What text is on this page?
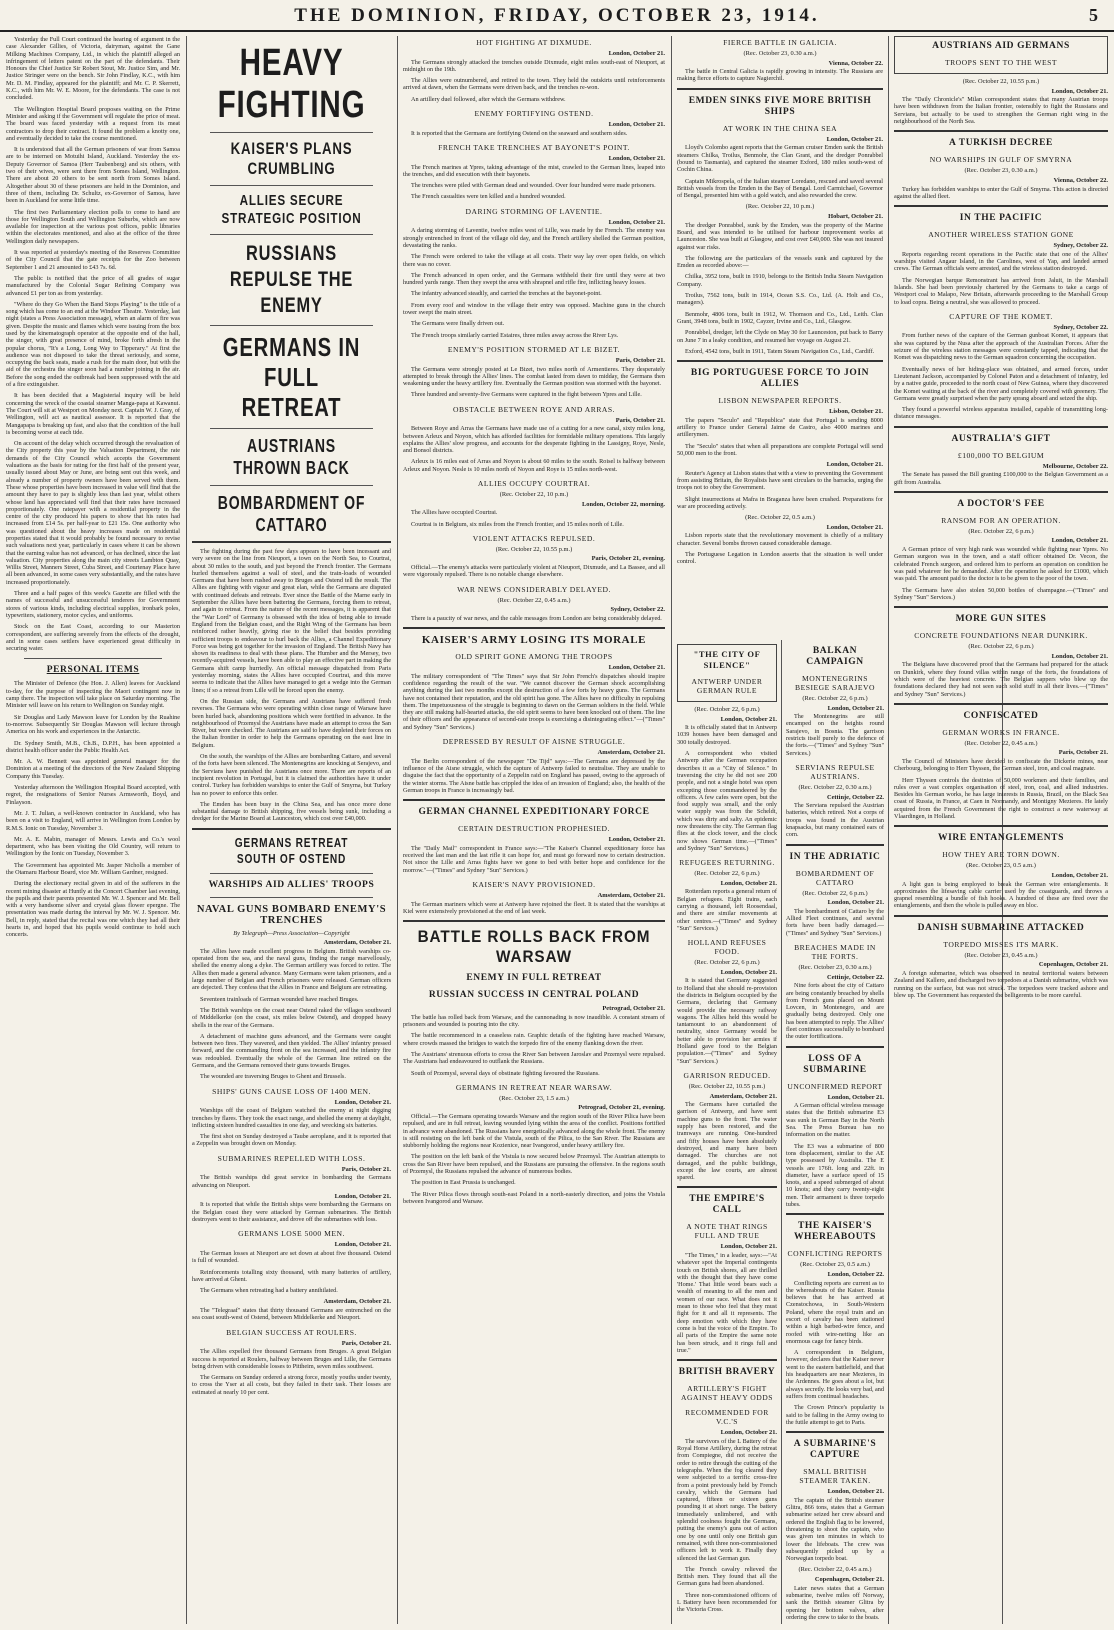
THE DOMINION, FRIDAY, OCTOBER 23, 1914.	5

Yesterday the Full Court continued the hearing of argument in the case Alexander Gillies, of Victoria, dairyman, against the Gane Milking Machines Company, Ltd., in which the plaintiff alleged an infringement of letters patent on the part of the defendants. Their Honours the Chief Justice Sir Robert Stout, Mr. Justice Sim, and Mr. Justice Stringer were on the bench. Sir John Findlay, K.C., with him Mr. D. M. Findlay, appeared for the plaintiff; and Mr. C. P. Skerrett, K.C., with him Mr. W. E. Moore, for the defendants. The case is not concluded.

The Wellington Hospital Board proposes waiting on the Prime Minister and asking if the Government will regulate the price of meat. The board was faced yesterday with a request from its meat contractors to drop their contract. It found the problem a knotty one, and eventually decided to take the course mentioned.

It is understood that all the German prisoners of war from Samoa are to be interned on Motuihi Island, Auckland. Yesterday the ex-Deputy Governor of Samoa (Herr Taubenberg) and six others, with two of their wives, were sent there from Somes Island, Wellington. There are about 20 others to be sent north from Somes Island. Altogether about 30 of these prisoners are held in the Dominion, and three of them, including Dr. Schultz, ex-Governor of Samoa, have been in Auckland for some little time.

The first two Parliamentary election polls to come to hand are those for Wellington South and Wellington Suburbs, which are now available for inspection at the various post offices, public libraries within the electorates mentioned, and also at the office of the three Wellington daily newspapers.

It was reported at yesterday's meeting of the Reserves Committee of the City Council that the gate receipts for the Zoo between September 1 and 21 amounted to £43 7s. 6d.

The public is notified that the price of all grades of sugar manufactured by the Colonial Sugar Refining Company was advanced £1 per ton as from yesterday.

"Where do they Go When the Band Stops Playing" is the title of a song which has come to an end at the Windsor Theatre. Yesterday, last night (states a Press Association message), when an alarm of fire was given. Despite the music and flames which were issuing from the box used by the kinematograph operator at the opposite end of the hall, the singer, with great presence of mind, broke forth afresh in the popular chorus, "It's a Long, Long Way to Tipperary." At first the audience was not disposed to take the threat seriously, and some, occupying the back seats, made a rush for the main door, but with the aid of the orchestra the singer soon had a number joining in the air. Before the song ended the outbreak had been suppressed with the aid of a fire extinguisher.

It has been decided that a Magisterial inquiry will be held concerning the wreck of the coastal steamer Manga-papa at Kawanui. The Court will sit at Westport on Monday next. Captain W. J. Gray, of Wellington, will act as nautical assessor. It is reported that the Mangapapa is breaking up fast, and also that the condition of the hull is becoming worse at each tide.

On account of the delay which occurred through the revaluation of the City property this year by the Valuation Department, the rate demands of the City Council which accepts the Government valuations as the basis for rating for the first half of the present year, usually issued about May or June, are being sent out this week, and already a number of property owners have been served with them. These whose properties have been increased in value will find that the amount they have to pay is slightly less than last year, whilst others whose land has appreciated will find that their rates have increased proportionately. One ratepayer with a residential property in the centre of the city produced his papers to show that his rates had increased from £14 5s. per half-year to £21 15s. One authority who was questioned about the heavy increases made on residential properties stated that it would probably be found necessary to revise such valuations next year, particularly in cases where it can be shown that the earning value has not advanced, or has declined, since the last valuation. City properties along the main city streets Lambton Quay, Willis Street, Manners Street, Cuba Street, and Courtenay Place have all been advanced, in some cases very substantially, and the rates have increased proportionately.

Three and a half pages of this week's Gazette are filled with the names of successful and unsuccessful tenderers for Government stores of various kinds, including electrical supplies, ironbark poles, typewriters, stationery, motor cycles, and uniforms.

Stock on the East Coast, according to our Masterton correspondent, are suffering severely from the effects of the drought, and in some cases settlers have experienced great difficulty in securing water.

PERSONAL ITEMS

The Minister of Defence (the Hon. J. Allen) leaves for Auckland to-day, for the purpose of inspecting the Maori contingent now in camp there. The inspection will take place on Saturday morning. The Minister will leave on his return to Wellington on Sunday night.

Sir Douglas and Lady Mawson leave for London by the Ruahine to-morrow. Subsequently Sir Douglas Mawson will lecture through America on his work and experiences in the Antarctic.

Dr. Sydney Smith, M.B., Ch.B., D.P.H., has been appointed a district health officer under the Public Health Act.

Mr. A. W. Bennett was appointed general manager for the Dominion at a meeting of the directors of the New Zealand Shipping Company this Tuesday.

Yesterday afternoon the Wellington Hospital Board accepted, with regret, the resignations of Senior Nurses Armsworth, Boyd, and Finlayson.

Mr. J. T. Julian, a well-known contractor in Auckland, who has been on a visit to England, will arrive in Wellington from London by R.M.S. Ionic on Tuesday, November 3.

Mr. A. E. Mabin, manager of Messrs. Lewis and Co.'s wool department, who has been visiting the Old Country, will return to Wellington by the Ionic on Tuesday, November 3.

The Government has appointed Mr. Jasper Nicholls a member of the Otamaru Harbour Board, vice Mr. William Gardner, resigned.

During the electionary recital given in aid of the sufferers in the recent mining disaster at Huntly at the Concert Chamber last evening, the pupils and their parents presented Mr. W. J. Spencer and Mr. Bell with a very handsome silver and crystal glass flower epergne. The presentation was made during the interval by Mr. W. J. Spencer. Mr. Bell, in reply, stated that the recital was one which they had all their hearts in, and hoped that his pupils would continue to hold such concerts.

HEAVY FIGHTING
KAISER'S PLANS CRUMBLING
ALLIES SECURE STRATEGIC POSITION
RUSSIANS REPULSE THE ENEMY
GERMANS IN FULL RETREAT
AUSTRIANS THROWN BACK
BOMBARDMENT OF CATTARO

The fighting during the past few days appears to have been incessant and very severe on the line from Nieuport, a town on the North Sea, to Courtrai, about 30 miles to the south, and just beyond the French frontier. The Germans hurled themselves against a wall of steel, and the train-loads of wounded Germans that have been rushed away to Bruges and Ostend tell the result. The Allies are fighting with vigour and great elan, while the Germans are disputed with continued defeats and retreats. Ever since the Battle of the Marne early in September the Allies have been battering the Germans, forcing them to retreat, and again to retreat. From the nature of the recent messages, it is apparent that the "War Lord" of Germany is obsessed with the idea of being able to invade England from the Belgian coast, and the Right Wing of the Germans has been reinforced rather heavily, giving rise to the belief that besides providing sufficient troops to endeavour to hurl back the Allies, a Channel Expeditionary Force was being got together for the invasion of England. The British Navy has shown its readiness to deal with these plans. The Humber and the Mersey, two recently-acquired vessels, have been able to play an effective part in making the Germans shift camp hurriedly. An official message dispatched from Paris yesterday morning, states the Allies have occupied Courtrai, and this move seems to indicate that the Allies have managed to get a wedge into the German lines; if so a retreat from Lille will be forced upon the enemy.

On the Russian side, the Germans and Austrians have suffered fresh reverses. The Germans who were operating within close range of Warsaw have been hurled back, abandoning positions which were fortified in advance. In the neighbourhood of Przemysl the Austrians have made an attempt to cross the San River, but were checked. The Austrians are said to have depleted their forces on the Italian frontier in order to help the Germans operating on the east line in Belgium.

On the south, the warships of the Allies are bombarding Cattaro, and several of the forts have been silenced. The Montenegrins are knocking at Serajevo, and the Servians have punished the Austrians once more. There are reports of an incipient revolution in Portugal, but it is claimed the authorities have it under control. Turkey has forbidden warships to enter the Gulf of Smyrna, but Turkey has no power to enforce this order.

The Emden has been busy in the China Sea, and has once more done substantial damage to British shipping, five vessels being sunk, including a dredger for the Marine Board at Launceston, which cost over £40,000.

GERMANS RETREAT SOUTH OF OSTEND
WARSHIPS AID ALLIES' TROOPS
NAVAL GUNS BOMBARD ENEMY'S TRENCHES
By Telegraph—Press Association—Copyright
Amsterdam, October 21.

The Allies have made excellent progress in Belgium. British warships co-operated from the sea, and the naval guns, finding the range marvellously, shelled the enemy along a dyke. The German artillery was forced to retire. The Allies then made a general advance. Many Germans were taken prisoners, and a large number of Belgian and French prisoners were released. German officers are dejected. They confess that the Allies in France and Belgium are retreating.

Seventeen trainloads of German wounded have reached Bruges.

The British warships on the coast near Ostend raked the villages southward of Middelkerke (on the coast, six miles below Ostend), and dropped heavy shells in the rear of the Germans.

A detachment of machine guns advanced, and the Germans were caught between two fires. They wavered, and then yielded. The Allies' infantry pressed forward, and the commanding front on the sea increased, and the infantry fire was redoubled. Eventually the whole of the German line retired on the Germans, and the Germans removed their guns towards Bruges.

The wounded are traversing Bruges to Ghent and Brussels.

SHIPS' GUNS CAUSE LOSS OF 1400 MEN.
London, October 21.

Warships off the coast of Belgium watched the enemy at night digging trenches by flares. They took the exact range, and shelled the enemy at daylight, inflicting sixteen hundred casualties in one day, and wrecking six batteries.

The first shot on Sunday destroyed a Taube aeroplane, and it is reported that a Zeppelin was brought down on Monday.

SUBMARINES REPELLED WITH LOSS.
Paris, October 21.

The British warships did great service in bombarding the Germans advancing on Nieuport.

London, October 21.

It is reported that while the British ships were bombarding the Germans on the Belgian coast they were attacked by German submarines. The British destroyers went to their assistance, and drove off the submarines with loss.

GERMANS LOSE 5000 MEN.
London, October 21.

The German losses at Nieuport are set down at about five thousand. Ostend is full of wounded.

Reinforcements totalling sixty thousand, with many batteries of artillery, have arrived at Ghent.

The Germans when retreating had a battery annihilated.

Amsterdam, October 21.

The "Telegraaf" states that thirty thousand Germans are entrenched on the sea coast south-west of Ostend, between Middelkerke and Nieuport.

BELGIAN SUCCESS AT ROULERS.
Paris, October 21.

The Allies expelled five thousand Germans from Bruges. A great Belgian success is reported at Roulers, halfway between Bruges and Lille, the Germans being driven with considerable losses to Pittheim, seven miles southwest.

The Germans on Sunday ordered a strong force, mostly youths under twenty, to cross the Yser at all costs, but they failed in their task. Their losses are estimated at nearly 10 per cent.

HOT FIGHTING AT DIXMUDE.
London, October 21.

The Germans strongly attacked the trenches outside Dixmude, eight miles south-east of Nieuport, at midnight on the 19th.

The Allies were outnumbered, and retired to the town. They held the outskirts until reinforcements arrived at dawn, when the Germans were driven back, and the trenches re-won.

An artillery duel followed, after which the Germans withdrew.

ENEMY FORTIFYING OSTEND.
London, October 21.

It is reported that the Germans are fortifying Ostend on the seaward and southern sides.

FRENCH TAKE TRENCHES AT BAYONET'S POINT.
London, October 21.

The French marines at Ypres, taking advantage of the mist, crawled to the German lines, leaped into the trenches, and did execution with their bayonets.

The trenches were piled with German dead and wounded. Over four hundred were made prisoners.

The French casualties were ten killed and a hundred wounded.

DARING STORMING OF LAVENTIE.
London, October 21.

A daring storming of Laventie, twelve miles west of Lille, was made by the French. The enemy was strongly entrenched in front of the village old day, and the French artillery shelled the German position, devastating the ranks.

The French were ordered to take the village at all costs. Their way lay over open fields, on which there was no cover.

The French advanced in open order, and the Germans withheld their fire until they were at two hundred yards range. Then they swept the area with shrapnel and rifle fire, inflicting heavy losses.

The infantry advanced steadily, and carried the trenches at the bayonet-point.

From every roof and window in the village their entry was opposed. Machine guns in the church tower swept the main street.

The Germans were finally driven out.

The French troops similarly carried Estaires, three miles away across the River Lys.

ENEMY'S POSITION STORMED AT LE BIZET.
Paris, October 21.

The Germans were strongly posted at Le Bizet, two miles north of Armentieres. They desperately attempted to break through the Allies' lines. The combat lasted from dawn to midday, the Germans then weakening under the heavy artillery fire. Eventually the German position was stormed with the bayonet.

Three hundred and seventy-five Germans were captured in the fight between Ypres and Lille.

OBSTACLE BETWEEN ROYE AND ARRAS.
Paris, October 21.

Between Roye and Arras the Germans have made use of a cutting for a new canal, sixty miles long, between Arleux and Noyon, which has afforded facilities for formidable military operations. This largely explains the Allies' slow progress, and accounts for the desperate fighting in the Lassigny, Roye, Nesle, and Bonsol districts.

Arleux is 16 miles east of Arras and Noyon is about 60 miles to the south. Roisel is halfway between Arleux and Noyon. Nesle is 10 miles north of Noyon and Roye is 15 miles north-west.

ALLIES OCCUPY COURTRAI.
(Rec. October 22, 10 p.m.)
London, October 22, morning.

The Allies have occupied Courtrai.

Courtrai is in Belgium, six miles from the French frontier, and 15 miles north of Lille.

VIOLENT ATTACKS REPULSED.
(Rec. October 22, 10.55 p.m.)
Paris, October 21, evening.

Official.—The enemy's attacks were particularly violent at Nieuport, Dixmude, and La Bassee, and all were vigorously repulsed. There is no notable change elsewhere.

WAR NEWS CONSIDERABLY DELAYED.
(Rec. October 22, 0.45 a.m.)
Sydney, October 22.

There is a paucity of war news, and the cable messages from London are being considerably delayed.

KAISER'S ARMY LOSING ITS MORALE
OLD SPIRIT GONE AMONG THE TROOPS
London, October 21.

The military correspondent of "The Times" says that Sir John French's dispatches should inspire confidence regarding the result of the war. "We cannot discover the German shock accomplishing anything during the last two months except the destruction of a few forts by heavy guns. The Germans have not contained their reputation, and the old spirit has gone. The Allies have no difficulty in repulsing them. The impetuousness of the struggle is beginning to dawn on the German soldiers in the field. While they are still making half-hearted attacks, the old spirit seems to have been knocked out of them. The line of their officers and the appearance of second-rate troops is exercising a disintegrating effect."—("Times" and Sydney "Sun" Services.)

DEPRESSED BY RESULT OF AISNE STRUGGLE.
Amsterdam, October 21.

The Berlin correspondent of the newspaper "De Tijd" says:—The Germans are depressed by the influence of the Aisne struggle, which the capture of Antwerp failed to neutralise. They are unable to disguise the fact that the opportunity of a Zeppelin raid on England has passed, owing to the approach of the winter storms. The Aisne battle has crippled the idea of an invasion of England; also, the health of the German troops in France is increasingly bad.

GERMAN CHANNEL EXPEDITIONARY FORCE
CERTAIN DESTRUCTION PROPHESIED.
London, October 21.

The "Daily Mail" correspondent in France says:—"The Kaiser's Channel expeditionary force has received the last man and the last rifle it can hope for, and must go forward now to certain destruction. Not since the Lille and Arras fights have we gone to bed with better hope and confidence for the morrow."—("Times" and Sydney "Sun" Services.)

KAISER'S NAVY PROVISIONED.
Amsterdam, October 21.

The German mariners which were at Antwerp have rejoined the fleet. It is stated that the warships at Kiel were extensively provisioned at the end of last week.

BATTLE ROLLS BACK FROM WARSAW
ENEMY IN FULL RETREAT
RUSSIAN SUCCESS IN CENTRAL POLAND
Petrograd, October 21.

The battle has rolled back from Warsaw, and the cannonading is now inaudible. A constant stream of prisoners and wounded is pouring into the city.

The battle recommenced in a ceaseless rain. Graphic details of the fighting have reached Warsaw, where crowds massed the bridges to watch the torpedo fire of the enemy flanking down the river.

The Austrians' strenuous efforts to cross the River San between Jaroslav and Przemysl were repulsed. The Austrians had endeavoured to outflank the Russians.

South of Przemysl, several days of obstinate fighting favoured the Russians.

GERMANS IN RETREAT NEAR WARSAW.
(Rec. October 23, 1.5 a.m.)
Petrograd, October 21, evening.

Official.—The Germans operating towards Warsaw and the region south of the River Pilica have been repulsed, and are in full retreat, leaving wounded lying within the area of the conflict. Positions fortified in advance were abandoned. The Russians have energetically advanced along the whole front. The enemy is still resisting on the left bank of the Vistula, south of the Pilica, to the San River. The Russians are stubbornly holding the regions near Kozienice, near Ivangorod, under heavy artillery fire.

The position on the left bank of the Vistula is now secured below Przemysl. The Austrian attempts to cross the San River have been repulsed, and the Russians are pursuing the offensive. In the regions south of Przemysl, the Russians repulsed the advance of numerous bodies.

The position in East Prussia is unchanged.

The River Pilica flows through south-east Poland in a north-easterly direction, and joins the Vistula between Ivangorod and Warsaw.

FIERCE BATTLE IN GALICIA.
(Rec. October 23, 0.30 a.m.)
Vienna, October 22.

The battle in Central Galicia is rapidly growing in intensity. The Russians are making fierce efforts to capture Nagierchil.

EMDEN SINKS FIVE MORE BRITISH SHIPS
AT WORK IN THE CHINA SEA
London, October 21.

Lloyd's Colombo agent reports that the German cruiser Emden sank the British steamers Chilka, Troilus, Benmohr, the Clan Grant, and the dredger Ponrabbel (bound to Tasmania), and captured the steamer Exford, 180 miles south-west of Cochin China.

Captain Mikrospela, of the Italian steamer Loredano, rescued and saved several British vessels from the Emden in the Bay of Bengal. Lord Carmichael, Governor of Bengal, presented him with a gold watch, and also rewarded the crew.

(Rec. October 22, 10 p.m.)
Hobart, October 21.

The dredger Ponrabbel, sunk by the Emden, was the property of the Marine Board, and was intended to be utilised for harbour improvement works at Launceston. She was built at Glasgow, and cost over £40,000. She was not insured against war risks.

The following are the particulars of the vessels sunk and captured by the Emden as recorded above:—

Chilka, 3952 tons, built in 1910, belongs to the British India Steam Navigation Company.

Troilus, 7562 tons, built in 1914, Ocean S.S. Co., Ltd. (A. Holt and Co., managers).

Benmohr, 4806 tons, built in 1912, W. Thomson and Co., Ltd., Leith. Clan Grant, 3948 tons, built in 1902, Cayzer, Irvine and Co., Ltd., Glasgow.

Ponrabbel, dredger, left the Clyde on May 30 for Launceston, put back to Barry on June 7 in a leaky condition, and resumed her voyage on August 21.

Exford, 4542 tons, built in 1911, Tatem Steam Navigation Co., Ltd., Cardiff.

BIG PORTUGUESE FORCE TO JOIN ALLIES
LISBON NEWSPAPER REPORTS.
Lisbon, October 21.

The papers "Seculo" and "Republica" state that Portugal is sending 8000 artillery to France under General Jaime de Castro, also 4000 marines and artillerymen.

The "Seculo" states that when all preparations are complete Portugal will send 50,000 men to the front.

London, October 21.

Reuter's Agency at Lisbon states that with a view to preventing the Government from assisting Britain, the Royalists have sent circulars to the barracks, urging the troops not to obey the Government.

Slight insurrections at Mafra in Braganza have been crushed. Preparations for war are proceeding actively.

(Rec. October 22, 0.5 a.m.)
London, October 21.

Lisbon reports state that the revolutionary movement is chiefly of a military character. Several bombs thrown caused considerable damage.

The Portuguese Legation in London asserts that the situation is well under control.

"THE CITY OF SILENCE"
ANTWERP UNDER GERMAN RULE
(Rec. October 22, 6 p.m.)
London, October 21.

It is officially stated that in Antwerp 1039 houses have been damaged and 300 totally destroyed.

A correspondent who visited Antwerp after the German occupation describes it as a "City of Silence." In traversing the city he did not see 200 people, and not a single hotel was open excepting those commandeered by the officers. A few cafes were open, but the food supply was small, and the only water supply was from the Scheldt, which was dirty and salty. An epidemic now threatens the city. The German flag flies at the clock tower, and the clock now shows German time.—("Times" and Sydney "Sun" Services.)

REFUGEES RETURNING.
(Rec. October 22, 6 p.m.)
London, October 21.

Rotterdam reports a general return of Belgian refugees. Eight trains, each carrying a thousand, left Roosendaal, and there are similar movements at other centres.—("Times" and Sydney "Sun" Services.)

HOLLAND REFUSES FOOD.
(Rec. October 22, 6 p.m.)
London, October 21.

It is stated that Germany suggested to Holland that she should re-provision the districts in Belgium occupied by the Germans, declaring that Germany would provide the necessary railway wagons. The Allies held this would be tantamount to an abandonment of neutrality, since Germany would be better able to provision her armies if Holland gave food to the Belgian population.—("Times" and Sydney "Sun" Services.)

GARRISON REDUCED.
(Rec. October 22, 10.55 p.m.)
Amsterdam, October 21.

The Germans have curtailed the garrison of Antwerp, and have sent machine guns to the front. The water supply has been restored, and the tramways are running. One-hundred and fifty houses have been absolutely destroyed, and many have been damaged. The churches are not damaged, and the public buildings, except the law courts, are almost spared.

THE EMPIRE'S CALL
A NOTE THAT RINGS FULL AND TRUE
London, October 21.

"The Times," in a leader, says:—"At whatever spot the Imperial contingents touch on British shores, all are thrilled with the thought that they have come 'Home.' That little word bears such a wealth of meaning to all the men and women of our race. What does not it mean to those who feel that they must fight for it and all it represents. The deep emotion with which they have come is but the voice of the Empire. To all parts of the Empire the same note has been struck, and it rings full and true."

BRITISH BRAVERY
ARTILLERY'S FIGHT AGAINST HEAVY ODDS
RECOMMENDED FOR V.C.'S
London, October 21.

The survivors of the L Battery of the Royal Horse Artillery, during the retreat from Compiegne, did not receive the order to retire through the cutting of the telegraphs. When the fog cleared they were subjected to a terrific cross-fire from a point previously held by French cavalry, which the Germans had captured, fifteen or sixteen guns pounding it at short range. The battery immediately unlimbered, and with splendid coolness fought the Germans, putting the enemy's guns out of action one by one until only one British gun remained, with three non-commissioned officers left to work it. Finally they silenced the last German gun.

The French cavalry relieved the British men. They found that all the German guns had been abandoned.

Three non-commissioned officers of L Battery have been recommended for the Victoria Cross.

BALKAN CAMPAIGN
MONTENEGRINS BESIEGE SARAJEVO
(Rec. October 22, 6 p.m.)
London, October 21.

The Montenegrins are still encamped on the heights round Sarajevo, in Bosnia. The garrison restricts itself purely to the defence of the forts.—("Times" and Sydney "Sun" Services.)

SERVIANS REPULSE AUSTRIANS.
(Rec. October 22, 0.30 a.m.)
Cettinje, October 22.

The Servians repulsed the Austrian batteries, which retired. Not a corps of troops was found in the Austrian knapsacks, but many contained ears of corn.

IN THE ADRIATIC
BOMBARDMENT OF CATTARO
(Rec. October 22, 6 p.m.)
London, October 21.

The bombardment of Cattaro by the Allied Fleet continues, and several forts have been badly damaged.—("Times" and Sydney "Sun" Services.)

BREACHES MADE IN THE FORTS.
(Rec. October 23, 0.30 a.m.)
Cettinje, October 22.

Nine forts about the city of Cattaro are being constantly breached by shells from French guns placed on Mount Lovcen, in Montenegro, and are gradually being destroyed. Only one has been attempted to reply. The Allies' fleet continues successfully to bombard the outer fortifications.

LOSS OF A SUBMARINE
UNCONFIRMED REPORT
London, October 21.

A German official wireless message states that the British submarine E3 was sunk in German Bay in the North Sea. The Press Bureau has no information on the matter.

The E3 was a submarine of 800 tons displacement, similar to the AE type possessed by Australia. The E vessels are 176ft. long and 22ft. in diameter, have a surface speed of 15 knots, and a speed submerged of about 10 knots; and they carry twenty-eight men. Their armament is three torpedo tubes.

THE KAISER'S WHEREABOUTS
CONFLICTING REPORTS
(Rec. October 23, 0.5 a.m.)
London, October 22.

Conflicting reports are current as to the whereabouts of the Kaiser. Russia believes that he has arrived at Czenstochowa, in South-Western Poland, where the royal train and an escort of cavalry has been stationed within a high barbed-wire fence, and roofed with wire-netting like an enormous cage for fancy birds.

A correspondent in Belgium, however, declares that the Kaiser never went to the eastern battlefield, and that his headquarters are near Mezieres, in the Ardennes. He goes about a lot, but always secretly. He looks very bad, and suffers from continual headaches.

The Crown Prince's popularity is said to be falling in the Army owing to the futile attempt to get to Paris.

A SUBMARINE'S CAPTURE
SMALL BRITISH STEAMER TAKEN.
London, October 21.

The captain of the British steamer Glitra, 866 tons, states that a German submarine seized her crew aboard and ordered the English flag to be lowered, threatening to shoot the captain, who was given ten minutes in which to lower the lifeboats. The crew was subsequently picked up by a Norwegian torpedo boat.

(Rec. October 22, 0.45 a.m.)
Copenhagen, October 21.

Later news states that a German submarine, twelve miles off Norway, sank the British steamer Glitra by opening her bottom valves, after ordering the crew to take to the boats.

AUSTRIANS AID GERMANS
TROOPS SENT TO THE WEST
(Rec. October 22, 10.55 p.m.)
London, October 21.

The "Daily Chronicle's" Milan correspondent states that many Austrian troops have been withdrawn from the Italian frontier, ostensibly to fight the Russians and Servians, but actually to be used to strengthen the German right wing in the neighbourhood of the North Sea.

A TURKISH DECREE
NO WARSHIPS IN GULF OF SMYRNA
(Rec. October 23, 0.30 a.m.)
Vienna, October 22.

Turkey has forbidden warships to enter the Gulf of Smyrna. This action is directed against the allied fleet.

IN THE PACIFIC
ANOTHER WIRELESS STATION GONE
Sydney, October 22.

Reports regarding recent operations in the Pacific state that one of the Allies' warships visited Angaur Island, in the Carolines, west of Yap, and landed armed crews. The German officials were arrested, and the wireless station destroyed.

The Norwegian barque Remonstrant has arrived from Jaluit, in the Marshall Islands. She had been previously chartered by the Germans to take a cargo of Westport coal to Malapo, New Britain, afterwards proceeding to the Marshall Group to load copra. Being a neutral, she was allowed to proceed.

CAPTURE OF THE KOMET.
Sydney, October 22.

From further news of the capture of the German gunboat Komet, it appears that she was captured by the Nusa after the approach of the Australian Forces. After the seizure of the wireless station messages were constantly tapped, indicating that the Komet was dispatching news to the German squadron concerning the occupation.

Eventually news of her hiding-place was obtained, and armed forces, under Lieutenant Jackson, accompanied by Colonel Paton and a detachment of infantry, led by a native guide, proceeded to the north coast of New Guinea, where they discovered the Komet waiting at the back of the river and completely covered with greenery. The Germans were greatly surprised when the party sprang aboard and seized the ship.

They found a powerful wireless apparatus installed, capable of transmitting long-distance messages.

AUSTRALIA'S GIFT
£100,000 TO BELGIUM
Melbourne, October 22.

The Senate has passed the Bill granting £100,000 to the Belgian Government as a gift from Australia.

A DOCTOR'S FEE
RANSOM FOR AN OPERATION.
(Rec. October 22, 6 p.m.)
London, October 21.

A German prince of very high rank was wounded while fighting near Ypres. No German surgeon was in the town, and a staff officer obtained Dr. Vecon, the celebrated French surgeon, and ordered him to perform an operation on condition he was paid whatever fee he demanded. After the operation he asked for £1000, which was paid. The amount paid to the doctor is to be given to the poor of the town.

The Germans have also stolen 50,000 bottles of champagne.—("Times" and Sydney "Sun" Services.)

MORE GUN SITES
CONCRETE FOUNDATIONS NEAR DUNKIRK.
(Rec. October 22, 6 p.m.)
London, October 21.

The Belgians have discovered proof that the Germans had prepared for the attack on Dunkirk, where they found villas within range of the forts, the foundations of which were of the heaviest concrete. The Belgian sappers who blew up the foundations declared they had not seen such solid stuff in all their lives.—("Times" and Sydney "Sun" Services.)

CONFISCATED
GERMAN WORKS IN FRANCE.
(Rec. October 22, 0.45 a.m.)
Paris, October 21.

The Council of Ministers have decided to confiscate the Dickerie mines, near Cherbourg, belonging to Herr Thyssen, the German steel, iron, and coal magnate.

Herr Thyssen controls the destinies of 50,000 workmen and their families, and rules over a vast complex organisation of steel, iron, coal, and allied industries. Besides his German works, he has large interests in Russia, Brazil, on the Black Sea coast of Russia, in France, at Caen in Normandy, and Montigny Mezieres. He lately acquired from the French Government the right to construct a new waterway at Vlaardingen, in Holland.

WIRE ENTANGLEMENTS
HOW THEY ARE TORN DOWN.
(Rec. October 23, 0.5 a.m.)
London, October 21.

A light gun is being employed to break the German wire entanglements. It approximates the lifesaving cable carrier used by the coastguards, and throws a grapnel resembling a bundle of fish hooks. A hundred of these are fired over the entanglements, and then the whole is pulled away en bloc.

DANISH SUBMARINE ATTACKED
TORPEDO MISSES ITS MARK.
(Rec. October 23, 0.45 a.m.)
Copenhagen, October 21.

A foreign submarine, which was observed in neutral territorial waters between Zealand and Kallero, and discharged two torpedoes at a Danish submarine, which was running on the surface, but was not struck. The torpedoes were tracked ashore and blew up. The Government has requested the belligerents to be more careful.
